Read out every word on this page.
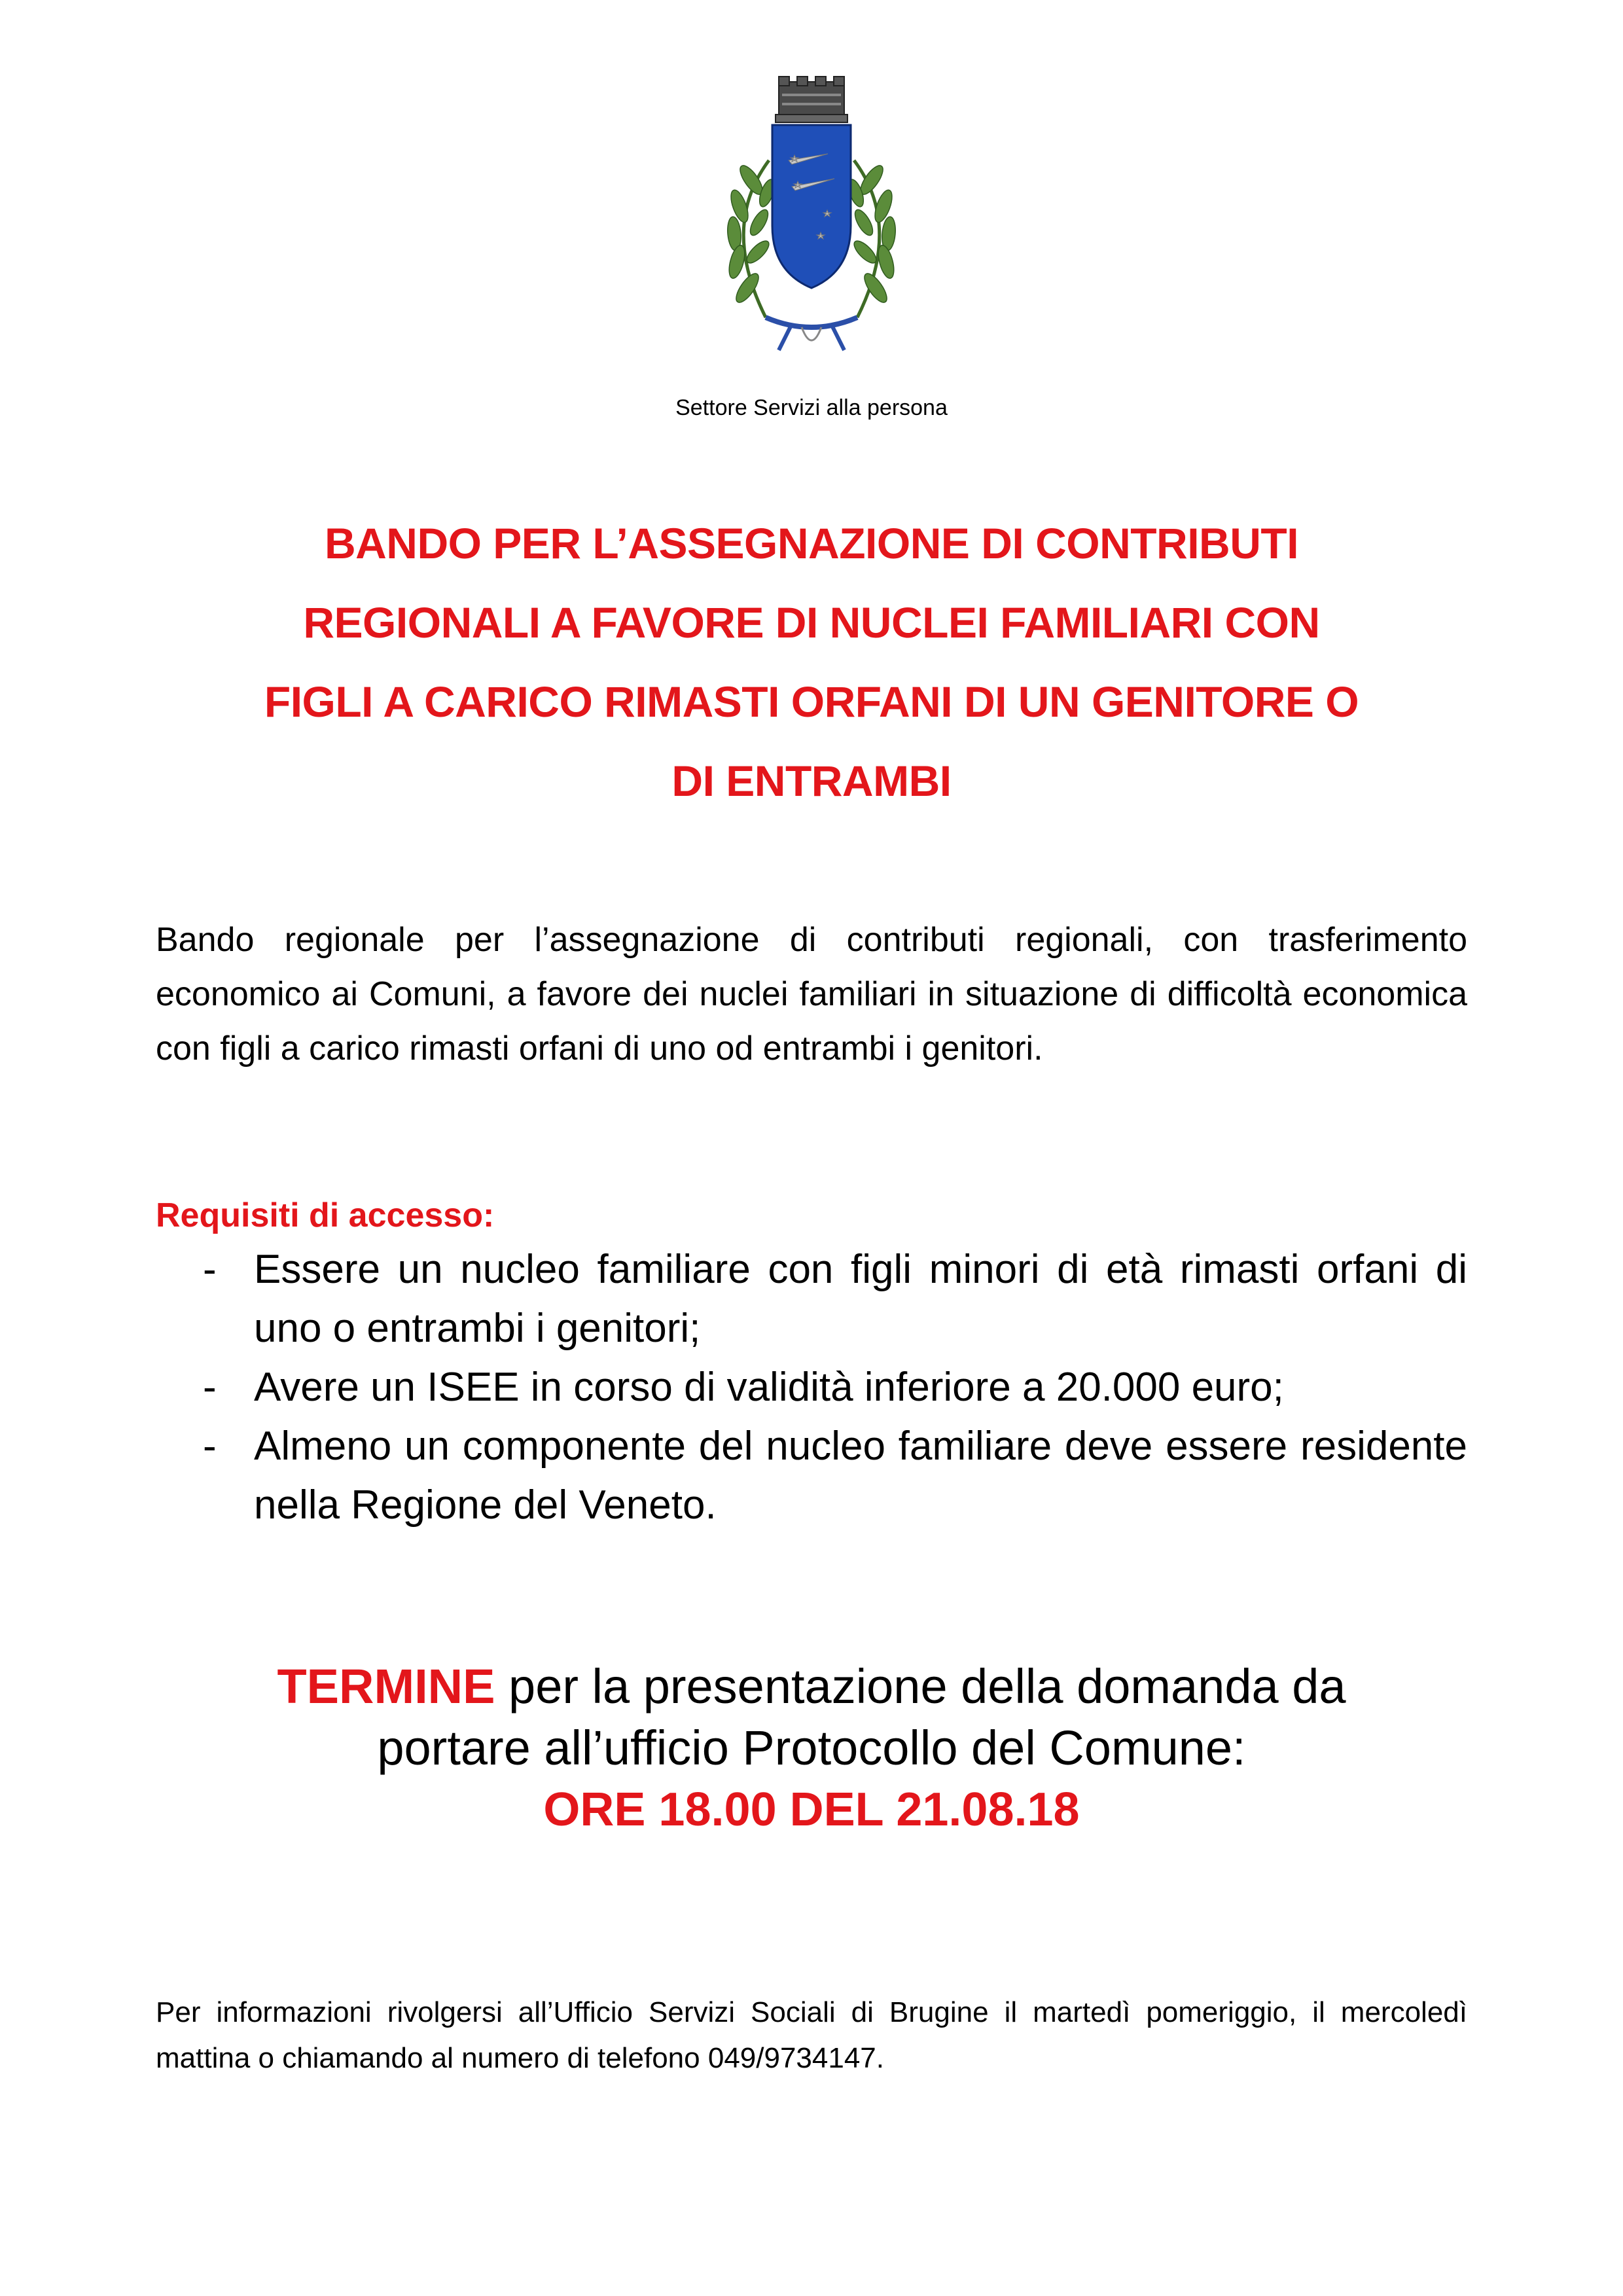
Settore Servizi alla persona
BANDO PER L’ASSEGNAZIONE DI CONTRIBUTI
REGIONALI A FAVORE DI NUCLEI FAMILIARI CON
FIGLI A CARICO RIMASTI ORFANI DI UN GENITORE O
DI ENTRAMBI

Bando regionale per l’assegnazione di contributi regionali, con trasferimento economico ai Comuni, a favore dei nuclei familiari in situazione di difficoltà economica con figli a carico rimasti orfani di uno od entrambi i genitori.

Requisiti di accesso:

- Essere un nucleo familiare con figli minori di età rimasti orfani di uno o entrambi i genitori;
- Avere un ISEE in corso di validità inferiore a 20.000 euro;
- Almeno un componente del nucleo familiare deve essere residente nella Regione del Veneto.
TERMINE per la presentazione della domanda da
portare all’ufficio Protocollo del Comune:
ORE 18.00 DEL 21.08.18

Per informazioni rivolgersi all’Ufficio Servizi Sociali di Brugine il martedì pomeriggio, il mercoledì mattina o chiamando al numero di telefono 049/9734147.
